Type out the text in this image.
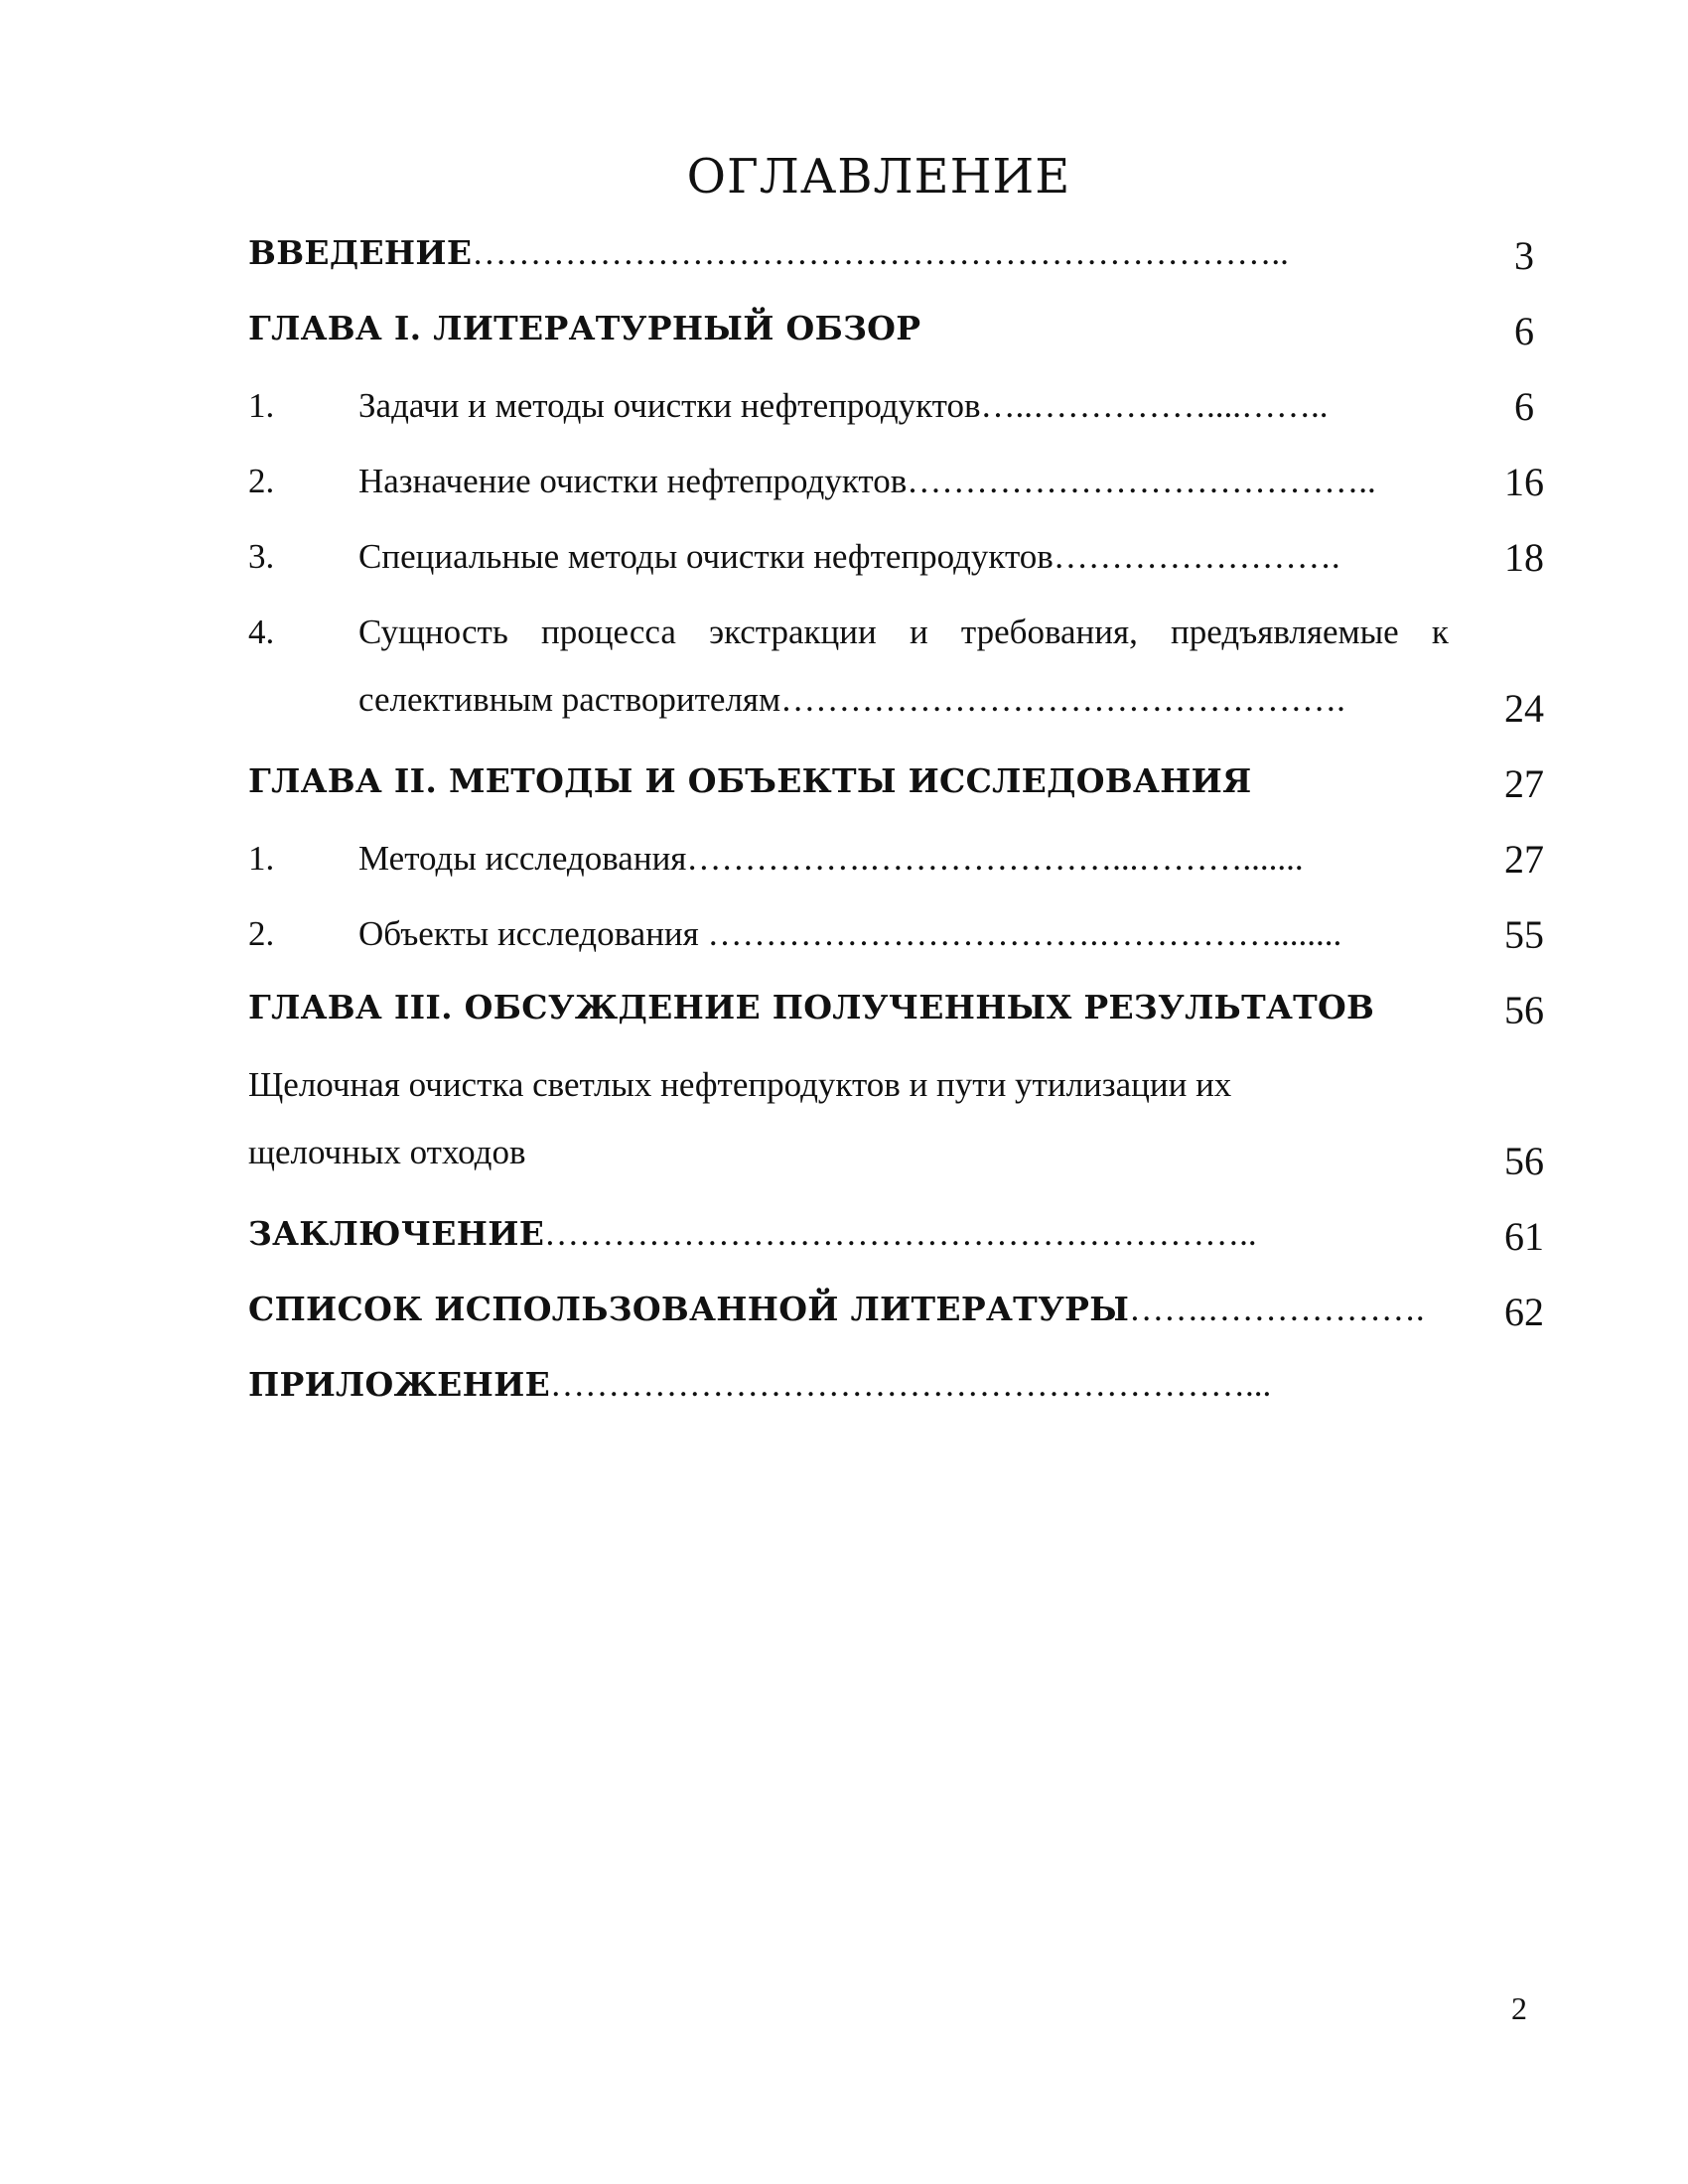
ОГЛАВЛЕНИЕ
ВВЕДЕНИЕ……………………………………………………………..	3
ГЛАВА I. ЛИТЕРАТУРНЫЙ ОБЗОР	6
1. Задачи и методы очистки нефтепродуктов…..……………....……..	6
2. Назначение очистки нефтепродуктов…………………………………..	16
3. Специальные методы очистки нефтепродуктов…………………….	18
4. Сущность процесса экстракции и требования, предъявляемые к
селективным растворителям………………………………………….	24
ГЛАВА II. МЕТОДЫ И ОБЪЕКТЫ ИССЛЕДОВАНИЯ	27
1. Методы исследования…………….…………………...……….......	27
2. Объекты исследования …………………………….……………........	55
ГЛАВА III. ОБСУЖДЕНИЕ ПОЛУЧЕННЫХ РЕЗУЛЬТАТОВ	56
Щелочная очистка светлых нефтепродуктов и пути утилизации их
щелочных отходов	56
ЗАКЛЮЧЕНИЕ……………………………………………………..	61
СПИСОК ИСПОЛЬЗОВАННОЙ ЛИТЕРАТУРЫ…….……………….	62
ПРИЛОЖЕНИЕ……………………………………………………...
2
